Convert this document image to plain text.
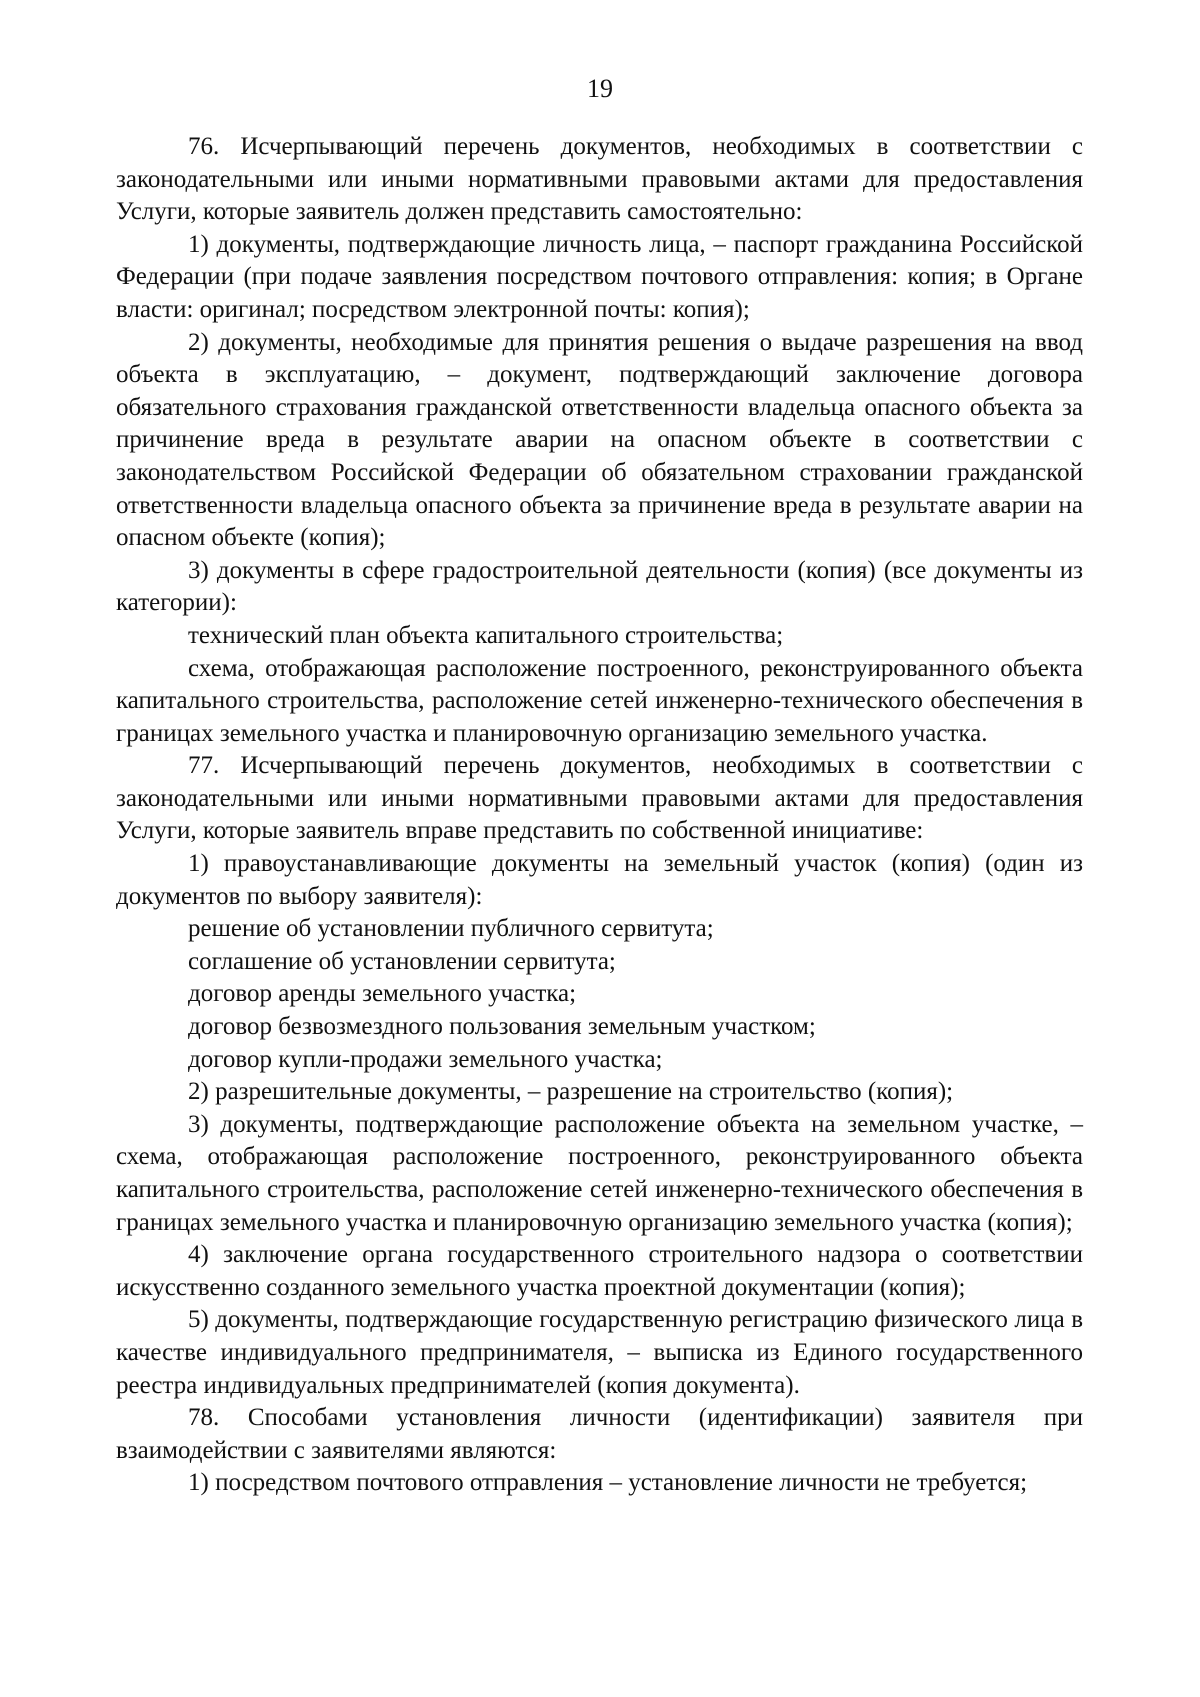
19

76. Исчерпывающий перечень документов, необходимых в соответствии с законодательными или иными нормативными правовыми актами для предоставления Услуги, которые заявитель должен представить самостоятельно:

1) документы, подтверждающие личность лица, – паспорт гражданина Российской Федерации (при подаче заявления посредством почтового отправления: копия; в Органе власти: оригинал; посредством электронной почты: копия);

2) документы, необходимые для принятия решения о выдаче разрешения на ввод объекта в эксплуатацию, – документ, подтверждающий заключение договора обязательного страхования гражданской ответственности владельца опасного объекта за причинение вреда в результате аварии на опасном объекте в соответствии с законодательством Российской Федерации об обязательном страховании гражданской ответственности владельца опасного объекта за причинение вреда в результате аварии на опасном объекте (копия);

3) документы в сфере градостроительной деятельности (копия) (все документы из категории):

технический план объекта капитального строительства;

схема, отображающая расположение построенного, реконструированного объекта капитального строительства, расположение сетей инженерно-технического обеспечения в границах земельного участка и планировочную организацию земельного участка.

77. Исчерпывающий перечень документов, необходимых в соответствии с законодательными или иными нормативными правовыми актами для предоставления Услуги, которые заявитель вправе представить по собственной инициативе:

1) правоустанавливающие документы на земельный участок (копия) (один из документов по выбору заявителя):

решение об установлении публичного сервитута;

соглашение об установлении сервитута;

договор аренды земельного участка;

договор безвозмездного пользования земельным участком;

договор купли-продажи земельного участка;

2) разрешительные документы, – разрешение на строительство (копия);

3) документы, подтверждающие расположение объекта на земельном участке, – схема, отображающая расположение построенного, реконструированного объекта капитального строительства, расположение сетей инженерно-технического обеспечения в границах земельного участка и планировочную организацию земельного участка (копия);

4) заключение органа государственного строительного надзора о соответствии искусственно созданного земельного участка проектной документации (копия);

5) документы, подтверждающие государственную регистрацию физического лица в качестве индивидуального предпринимателя, – выписка из Единого государственного реестра индивидуальных предпринимателей (копия документа).

78. Способами установления личности (идентификации) заявителя при взаимодействии с заявителями являются:

1) посредством почтового отправления – установление личности не требуется;
